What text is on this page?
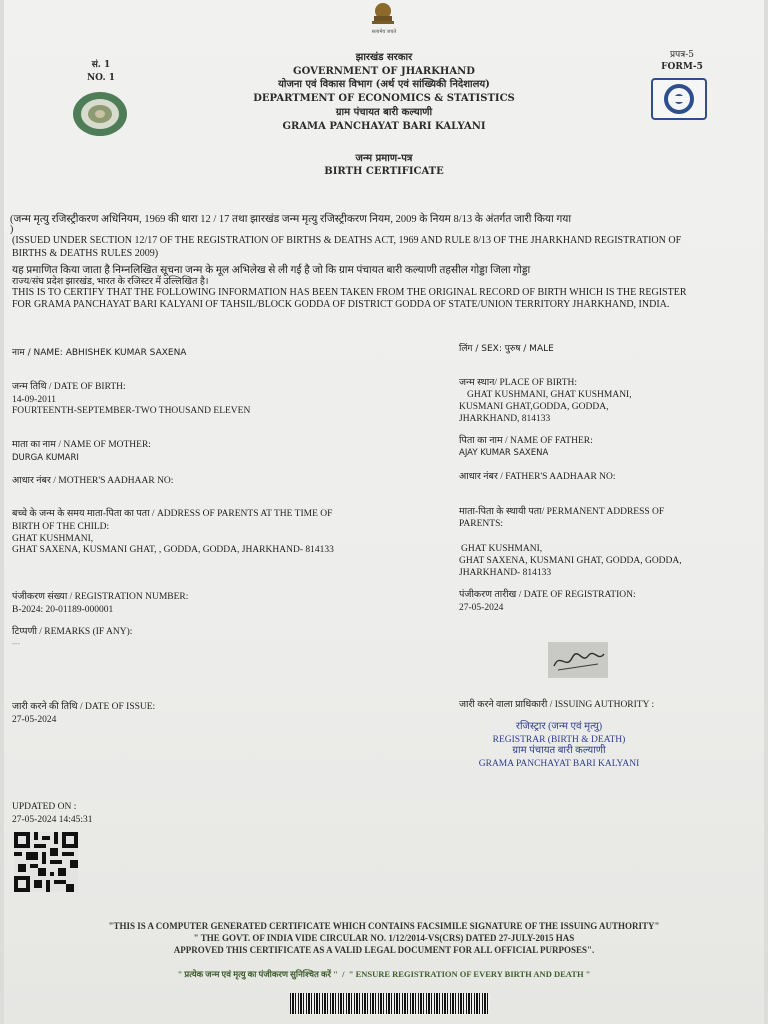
सत्यमेव जयते
सं. 1
NO. 1
प्रपत्र-5
FORM-5
झारखंड सरकार
GOVERNMENT OF JHARKHAND
योजना एवं विकास विभाग (अर्थ एवं सांख्यिकी निदेशालय)
DEPARTMENT OF ECONOMICS & STATISTICS
ग्राम पंचायत बारी कल्याणी
GRAMA PANCHAYAT BARI KALYANI
जन्म प्रमाण-पत्र
BIRTH CERTIFICATE
(जन्म मृत्यु रजिस्ट्रीकरण अधिनियम, 1969 की धारा 12 / 17 तथा झारखंड जन्म मृत्यु रजिस्ट्रीकरण नियम, 2009 के नियम 8/13 के अंतर्गत जारी किया गया
)
(ISSUED UNDER SECTION 12/17 OF THE REGISTRATION OF BIRTHS & DEATHS ACT, 1969 AND RULE 8/13 OF THE JHARKHAND REGISTRATION OF
BIRTHS & DEATHS RULES 2009)
यह प्रमाणित किया जाता है निम्नलिखित सूचना जन्म के मूल अभिलेख से ली गई है जो कि ग्राम पंचायत बारी कल्याणी तहसील गोड्डा जिला गोड्डा
राज्य/संघ प्रदेश झारखंड, भारत के रजिस्टर में उल्लिखित है।
THIS IS TO CERTIFY THAT THE FOLLOWING INFORMATION HAS BEEN TAKEN FROM THE ORIGINAL RECORD OF BIRTH WHICH IS THE REGISTER
FOR GRAMA PANCHAYAT BARI KALYANI OF TAHSIL/BLOCK GODDA OF DISTRICT GODDA OF STATE/UNION TERRITORY JHARKHAND, INDIA.
नाम / NAME: ABHISHEK KUMAR SAXENA
जन्म तिथि / DATE OF BIRTH:
14-09-2011
FOURTEENTH-SEPTEMBER-TWO THOUSAND ELEVEN
माता का नाम / NAME OF MOTHER:
DURGA KUMARI
आधार नंबर / MOTHER'S AADHAAR NO:
बच्चे के जन्म के समय माता-पिता का पता / ADDRESS OF PARENTS AT THE TIME OF
BIRTH OF THE CHILD:
GHAT KUSHMANI,
GHAT SAXENA, KUSMANI GHAT, , GODDA, GODDA, JHARKHAND- 814133
पंजीकरण संख्या / REGISTRATION NUMBER:
B-2024: 20-01189-000001
टिप्पणी / REMARKS (IF ANY):
---
जारी करने की तिथि / DATE OF ISSUE:
27-05-2024
लिंग / SEX: पुरुष / MALE
जन्म स्थान/ PLACE OF BIRTH:
GHAT KUSHMANI, GHAT KUSHMANI,
KUSMANI GHAT,GODDA, GODDA,
JHARKHAND, 814133
पिता का नाम / NAME OF FATHER:
AJAY KUMAR SAXENA
आधार नंबर / FATHER'S AADHAAR NO:
माता-पिता के स्थायी पता/ PERMANENT ADDRESS OF
PARENTS:
GHAT KUSHMANI,
GHAT SAXENA, KUSMANI GHAT, GODDA, GODDA,
JHARKHAND- 814133
पंजीकरण तारीख / DATE OF REGISTRATION:
27-05-2024
जारी करने वाला प्राधिकारी / ISSUING AUTHORITY :
रजिस्ट्रार (जन्म एवं मृत्यु)
REGISTRAR (BIRTH & DEATH)
ग्राम पंचायत बारी कल्याणी
GRAMA PANCHAYAT BARI KALYANI
UPDATED ON :
27-05-2024 14:45:31
"THIS IS A COMPUTER GENERATED CERTIFICATE WHICH CONTAINS FACSIMILE SIGNATURE OF THE ISSUING AUTHORITY"
" THE GOVT. OF INDIA VIDE CIRCULAR NO. 1/12/2014-VS(CRS) DATED 27-JULY-2015 HAS
APPROVED THIS CERTIFICATE AS A VALID LEGAL DOCUMENT FOR ALL OFFICIAL PURPOSES".
" प्रत्येक जन्म एवं मृत्यु का पंजीकरण सुनिश्चित करें "  /  " ENSURE REGISTRATION OF EVERY BIRTH AND DEATH "
